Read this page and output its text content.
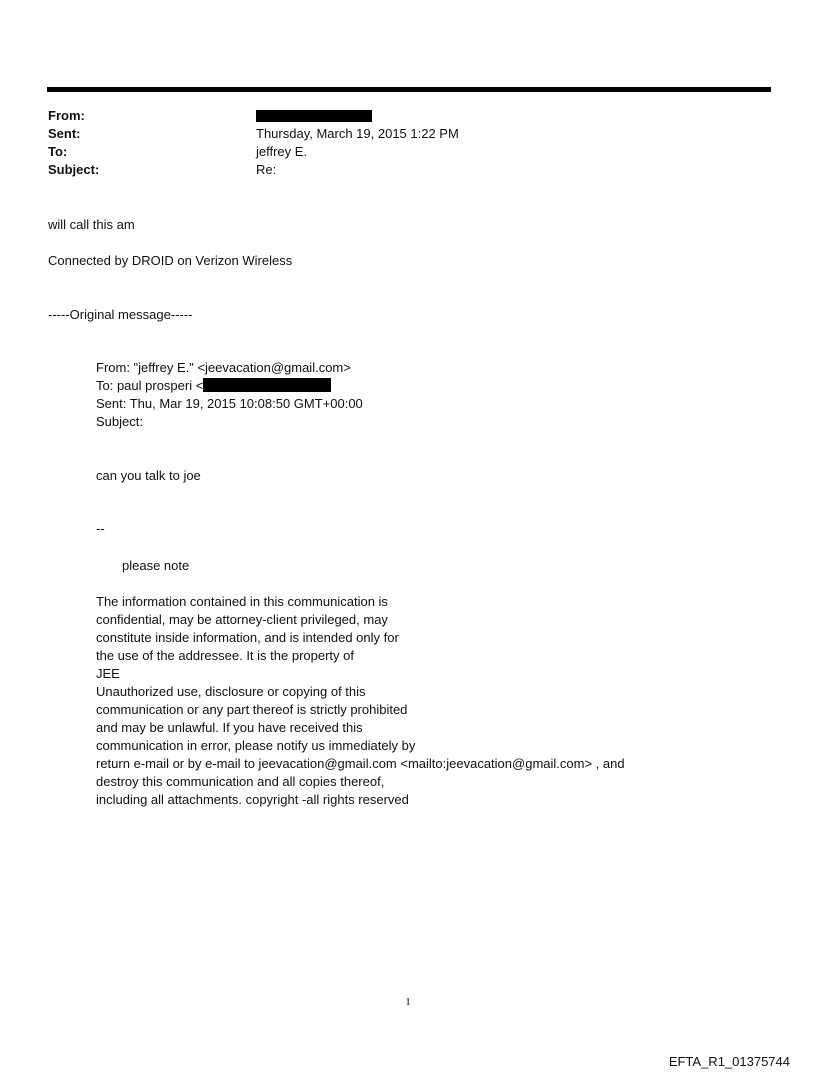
From:
Sent:	Thursday, March 19, 2015 1:22 PM
To:	jeffrey E.
Subject:	Re:
will call this am
Connected by DROID on Verizon Wireless
-----Original message-----
From: "jeffrey E." <jeevacation@gmail.com>
To: paul prosperi <
Sent: Thu, Mar 19, 2015 10:08:50 GMT+00:00
Subject:
can you talk to joe
--
please note
The information contained in this communication is
confidential, may be attorney-client privileged, may
constitute inside information, and is intended only for
the use of the addressee. It is the property of
JEE
Unauthorized use, disclosure or copying of this
communication or any part thereof is strictly prohibited
and may be unlawful. If you have received this
communication in error, please notify us immediately by
return e-mail or by e-mail to jeevacation@gmail.com <mailto:jeevacation@gmail.com> , and
destroy this communication and all copies thereof,
including all attachments. copyright -all rights reserved
1
EFTA_R1_01375744
